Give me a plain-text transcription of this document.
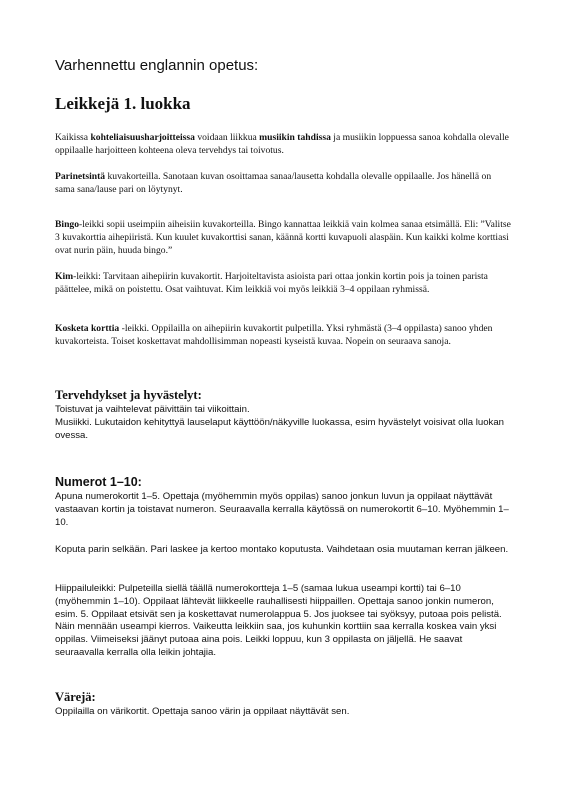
Varhennettu englannin opetus:
Leikkejä 1. luokka

Kaikissa kohteliaisuusharjoitteissa voidaan liikkua musiikin tahdissa ja musiikin loppuessa sanoa kohdalla olevalle oppilaalle harjoitteen kohteena oleva tervehdys tai toivotus.

Parinetsintä kuvakorteilla. Sanotaan kuvan osoittamaa sanaa/lausetta kohdalla olevalle oppilaalle. Jos hänellä on sama sana/lause pari on löytynyt.

Bingo-leikki sopii useimpiin aiheisiin kuvakorteilla. Bingo kannattaa leikkiä vain kolmea sanaa etsimällä. Eli: ”Valitse 3 kuvakorttia aihepiiristä. Kun kuulet kuvakorttisi sanan, käännä kortti kuvapuoli alaspäin. Kun kaikki kolme korttiasi ovat nurin päin, huuda bingo.”

Kim-leikki: Tarvitaan aihepiirin kuvakortit. Harjoiteltavista asioista pari ottaa jonkin kortin pois ja toinen parista päättelee, mikä on poistettu. Osat vaihtuvat. Kim leikkiä voi myös leikkiä 3–4 oppilaan ryhmissä.

Kosketa korttia -leikki. Oppilailla on aihepiirin kuvakortit pulpetilla. Yksi ryhmästä (3–4 oppilasta) sanoo yhden kuvakorteista. Toiset koskettavat mahdollisimman nopeasti kyseistä kuvaa. Nopein on seuraava sanoja.

Tervehdykset ja hyvästelyt:

Toistuvat ja vaihtelevat päivittäin tai viikoittain.

Musiikki. Lukutaidon kehityttyä lauselaput käyttöön/näkyville luokassa, esim hyvästelyt voisivat olla luokan ovessa.

Numerot 1–10:

Apuna numerokortit 1–5. Opettaja (myöhemmin myös oppilas) sanoo jonkun luvun ja oppilaat näyttävät vastaavan kortin ja toistavat numeron. Seuraavalla kerralla käytössä on numerokortit 6–10. Myöhemmin 1–10.

Koputa parin selkään. Pari laskee ja kertoo montako koputusta. Vaihdetaan osia muutaman kerran jälkeen.

Hiippailuleikki: Pulpeteilla siellä täällä numerokortteja 1–5 (samaa lukua useampi kortti) tai 6–10 (myöhemmin 1–10). Oppilaat lähtevät liikkeelle rauhallisesti hiippaillen. Opettaja sanoo jonkin numeron, esim. 5. Oppilaat etsivät sen ja koskettavat numerolappua 5. Jos juoksee tai syöksyy, putoaa pois pelistä. Näin mennään useampi kierros. Vaikeutta leikkiin saa, jos kuhunkin korttiin saa kerralla koskea vain yksi oppilas. Viimeiseksi jäänyt putoaa aina pois. Leikki loppuu, kun 3 oppilasta on jäljellä. He saavat seuraavalla kerralla olla leikin johtajia.

Värejä:

Oppilailla on värikortit. Opettaja sanoo värin ja oppilaat näyttävät sen.
